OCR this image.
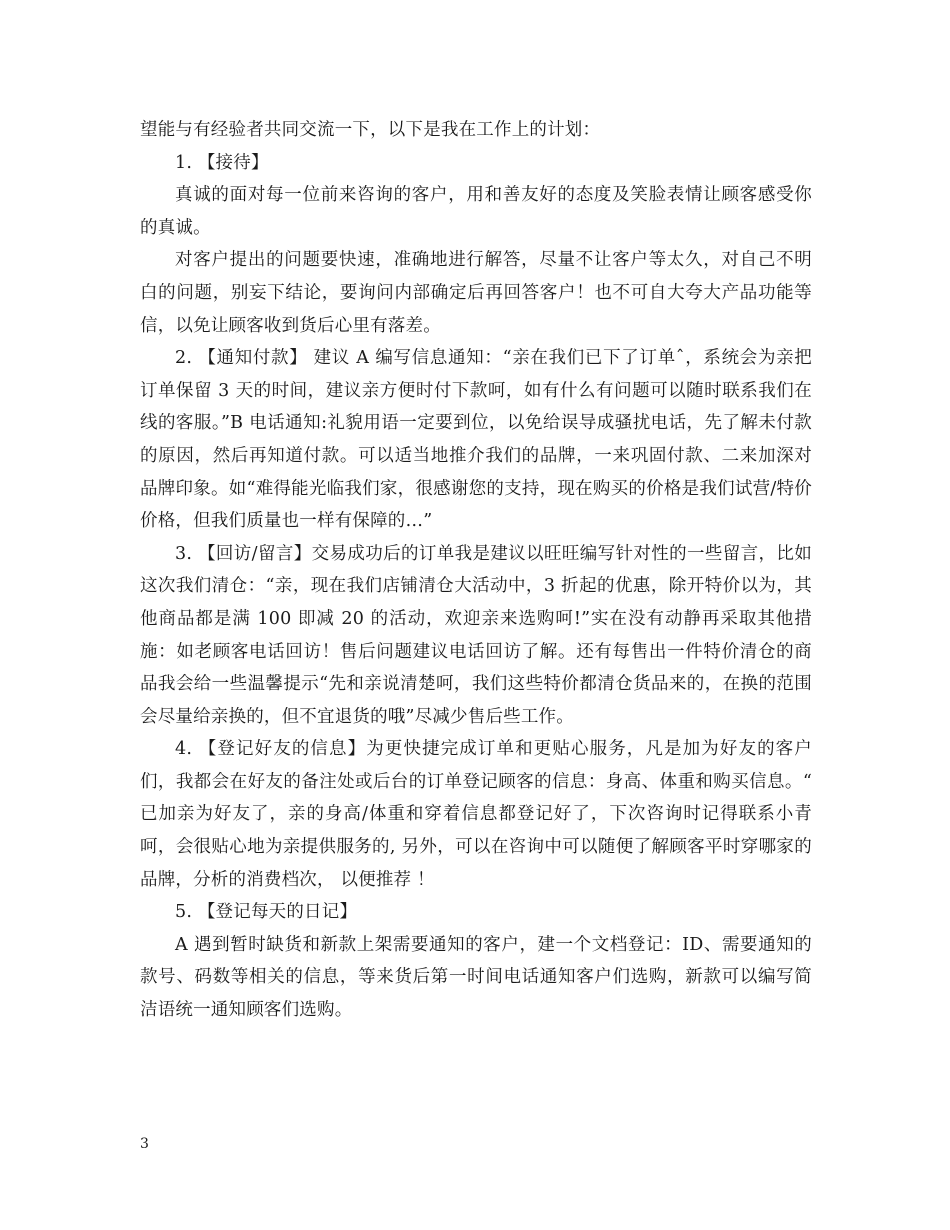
望能与有经验者共同交流一下，以下是我在工作上的计划：

1. 【接待】

真诚的面对每一位前来咨询的客户，用和善友好的态度及笑脸表情让顾客感受你的真诚。

对客户提出的问题要快速，准确地进行解答，尽量不让客户等太久，对自己不明白的问题，别妄下结论，要询问内部确定后再回答客户！也不可自大夸大产品功能等信，以免让顾客收到货后心里有落差。

2. 【通知付款】 建议 A 编写信息通知：“亲在我们已下了订单ˆ，系统会为亲把订单保留 3 天的时间，建议亲方便时付下款呵，如有什么有问题可以随时联系我们在线的客服。”B 电话通知:礼貌用语一定要到位，以免给误导成骚扰电话，先了解未付款的原因，然后再知道付款。可以适当地推介我们的品牌，一来巩固付款、二来加深对品牌印象。如“难得能光临我们家，很感谢您的支持，现在购买的价格是我们试营/特价价格，但我们质量也一样有保障的…”

3. 【回访/留言】交易成功后的订单我是建议以旺旺编写针对性的一些留言，比如这次我们清仓：“亲，现在我们店铺清仓大活动中，3 折起的优惠，除开特价以为，其他商品都是满 100 即减 20 的活动，欢迎亲来选购呵!”实在没有动静再采取其他措施：如老顾客电话回访！售后问题建议电话回访了解。还有每售出一件特价清仓的商品我会给一些温馨提示“先和亲说清楚呵，我们这些特价都清仓货品来的，在换的范围会尽量给亲换的，但不宜退货的哦”尽减少售后些工作。

4. 【登记好友的信息】为更快捷完成订单和更贴心服务，凡是加为好友的客户们，我都会在好友的备注处或后台的订单登记顾客的信息：身高、体重和购买信息。“ 已加亲为好友了，亲的身高/体重和穿着信息都登记好了，下次咨询时记得联系小青呵，会很贴心地为亲提供服务的, 另外，可以在咨询中可以随便了解顾客平时穿哪家的品牌，分析的消费档次， 以便推荐 ！

5. 【登记每天的日记】

A 遇到暂时缺货和新款上架需要通知的客户，建一个文档登记：ID、需要通知的款号、码数等相关的信息，等来货后第一时间电话通知客户们选购，新款可以编写简洁语统一通知顾客们选购。

3
